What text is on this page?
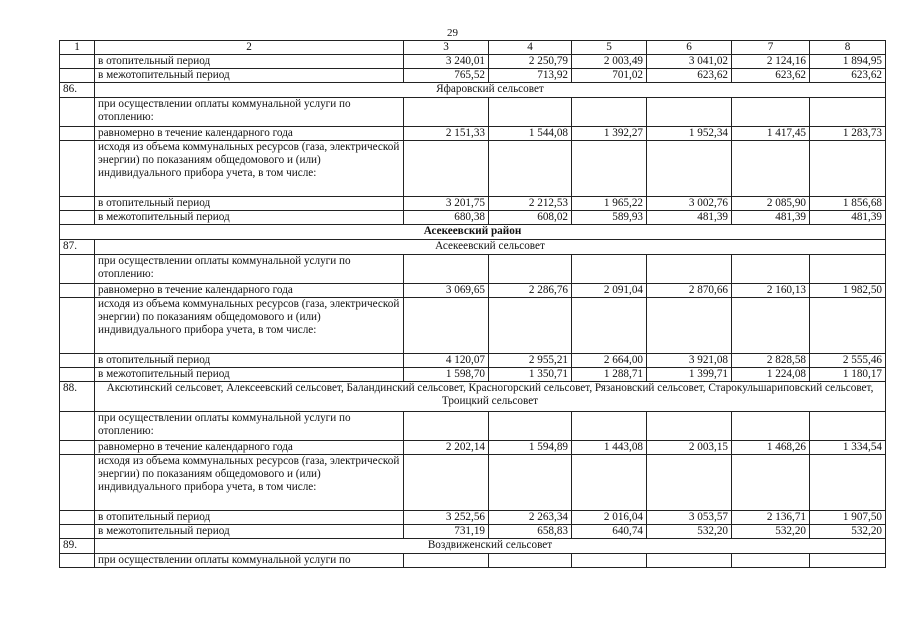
29
1	2	3	4	5	6	7	8
	в отопительный период	3 240,01	2 250,79	2 003,49	3 041,02	2 124,16	1 894,95
	в межотопительный период	765,52	713,92	701,02	623,62	623,62	623,62
86.	Яфаровский сельсовет						
	при осуществлении оплаты коммунальной услуги по отоплению:						
	равномерно в течение календарного года	2 151,33	1 544,08	1 392,27	1 952,34	1 417,45	1 283,73
	исходя из объема коммунальных ресурсов (газа, электрической энергии) по показаниям общедомового и (или) индивидуального прибора учета, в том числе:						
	в отопительный период	3 201,75	2 212,53	1 965,22	3 002,76	2 085,90	1 856,68
	в межотопительный период	680,38	608,02	589,93	481,39	481,39	481,39
Асекеевский район							
87.	Асекеевский сельсовет						
	при осуществлении оплаты коммунальной услуги по отоплению:						
	равномерно в течение календарного года	3 069,65	2 286,76	2 091,04	2 870,66	2 160,13	1 982,50
	исходя из объема коммунальных ресурсов (газа, электрической энергии) по показаниям общедомового и (или) индивидуального прибора учета, в том числе:						
	в отопительный период	4 120,07	2 955,21	2 664,00	3 921,08	2 828,58	2 555,46
	в межотопительный период	1 598,70	1 350,71	1 288,71	1 399,71	1 224,08	1 180,17
88.	Аксютинский сельсовет, Алексеевский сельсовет, Баландинский сельсовет, Красногорский сельсовет, Рязановский сельсовет, Старокульшариповский сельсовет, Троицкий сельсовет						
	при осуществлении оплаты коммунальной услуги по отоплению:						
	равномерно в течение календарного года	2 202,14	1 594,89	1 443,08	2 003,15	1 468,26	1 334,54
	исходя из объема коммунальных ресурсов (газа, электрической энергии) по показаниям общедомового и (или) индивидуального прибора учета, в том числе:						
	в отопительный период	3 252,56	2 263,34	2 016,04	3 053,57	2 136,71	1 907,50
	в межотопительный период	731,19	658,83	640,74	532,20	532,20	532,20
89.	Воздвиженский сельсовет						
	при осуществлении оплаты коммунальной услуги по						
